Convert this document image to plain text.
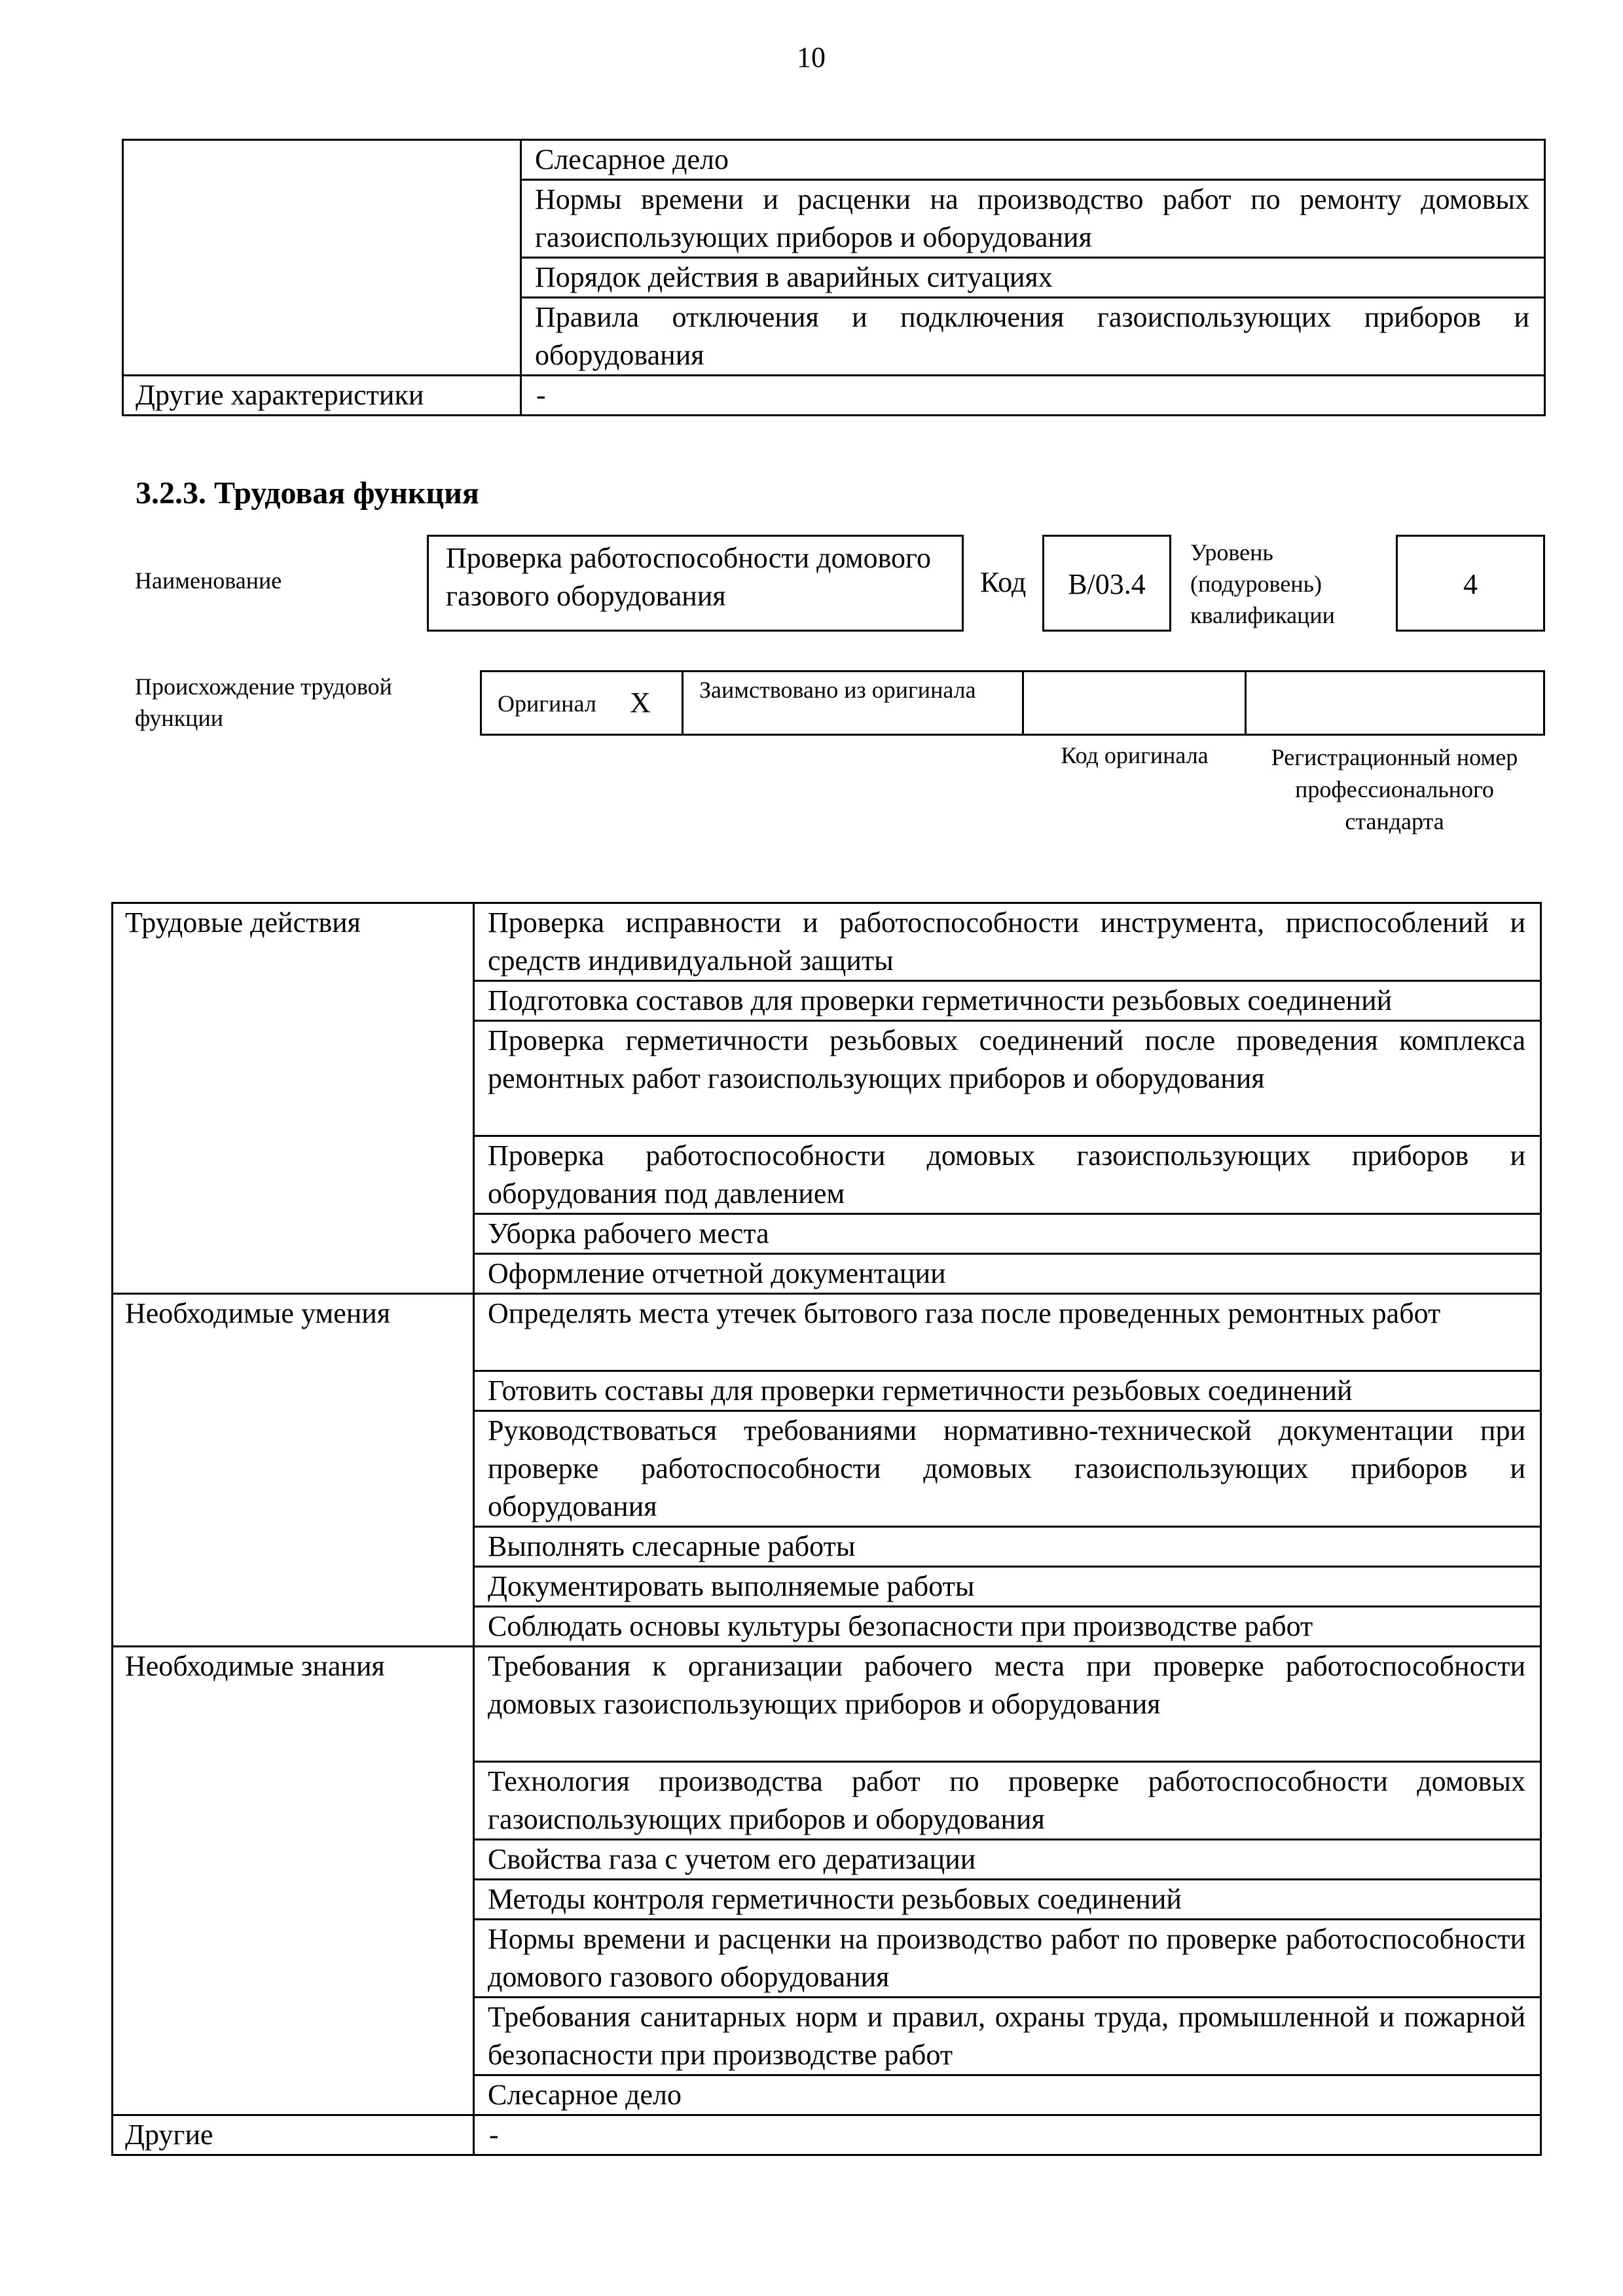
10

	Слесарное дело

	Нормы времени и расценки на производство работ по ремонту домовых газоиспользующих приборов и оборудования

	Порядок действия в аварийных ситуациях

	Правила отключения и подключения газоиспользующих приборов и оборудования

Другие характеристики	-
3.2.3. Трудовая функция
Наименование
Проверка работоспособности домового газового оборудования	Код	B/03.4
Уровень (подуровень) квалификации
4
Происхождение трудовой функции
Оригинал X	Заимствовано из оригинала
Код оригинала	Регистрационный номер профессионального стандарта
Трудовые действия	Проверка исправности и работоспособности инструмента, приспособлений и средств индивидуальной защиты

	Подготовка составов для проверки герметичности резьбовых соединений

	Проверка герметичности резьбовых соединений после проведения комплекса ремонтных работ газоиспользующих приборов и оборудования

	Проверка работоспособности домовых газоиспользующих приборов и оборудования под давлением

	Уборка рабочего места

	Оформление отчетной документации

Необходимые умения	Определять места утечек бытового газа после проведенных ремонтных работ

	Готовить составы для проверки герметичности резьбовых соединений

	Руководствоваться требованиями нормативно-технической документации при проверке работоспособности домовых газоиспользующих приборов и оборудования

	Выполнять слесарные работы

	Документировать выполняемые работы

	Соблюдать основы культуры безопасности при производстве работ

Необходимые знания	Требования к организации рабочего места при проверке работоспособности домовых газоиспользующих приборов и оборудования

	Технология производства работ по проверке работоспособности домовых газоиспользующих приборов и оборудования

	Свойства газа с учетом его дератизации

	Методы контроля герметичности резьбовых соединений

	Нормы времени и расценки на производство работ по проверке работоспособности домового газового оборудования

	Требования санитарных норм и правил, охраны труда, промышленной и пожарной безопасности при производстве работ

	Слесарное дело

Другие	-
